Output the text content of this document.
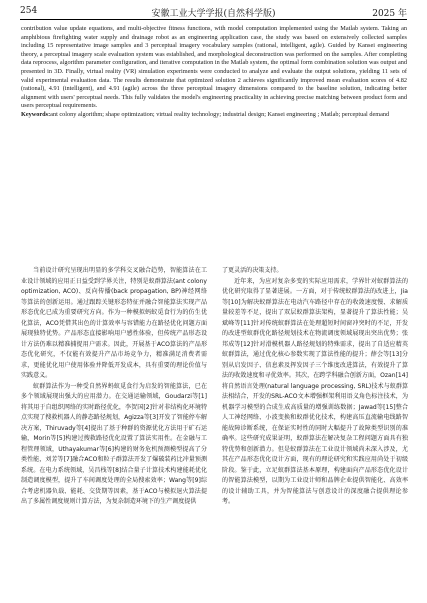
254	安徽工业大学学报(自然科学版)	2025 年

contribution value update equations, and multi-objective fitness functions, with model computation implemented using the Matlab system. Taking an amphibious firefighting water supply and drainage robot as an engineering application case, the study was based on extensively collected samples including 15 representative image samples and 3 perceptual imagery vocabulary samples (rational, intelligent, agile). Guided by Kansei engineering theory, a perceptual imagery scale evaluation system was established, and morphological deconstruction was performed on the samples. After completing data reprocess, algorithm parameter configuration, and iterative computation in the Matlab system, the optimal form combination solution was output and presented in 3D. Finally, virtual reality (VR) simulation experiments were conducted to analyze and evaluate the output solutions, yielding 11 sets of valid experimental evaluation data. The results demonstrate that optimized solution 2 achieves significantly improved mean evaluation scores of 4.82 (rational), 4.91 (intelligent), and 4.91 (agile) across the three perceptual imagery dimensions compared to the baseline solution, indicating better alignment with users' perceptual needs. This fully validates the model's engineering practicality in achieving precise matching between product form and users perceptual requirements.

Keywords:ant colony algorithm; shape optimization; virtual reality technology; industrial design; Kansei engineering ; Matlab; perceptual demand

当前设计研究呈现出明显的多学科交叉融合趋势，智能算法在工业设计领域的应用正日益受到学界关注，特别是蚁群算法(ant colony optimization, ACO)、反向传播(back propagation, BP)神经网络等算法的创新运用。通过跟踪关键形态特征并融合智能算法实现产品形态优化已成为重要研究方向。作为一种模拟蚂蚁觅食行为的仿生优化算法，ACO凭借其出色的计算效率与容错能力在路径优化问题方面展现独特优势。产品形态直接影响用户感性体验，但传统产品形态设计方法仍难以精准捕捉用户需求。因此，开展基于ACO算法的产品形态优化研究，不仅能有效提升产品市场竞争力，精准满足消费者需求，更能优化用户使用体验并降低开发成本，具有重要的理论价值与实践意义。

蚁群算法作为一种受自然界蚂蚁觅食行为启发的智能算法，已在多个领域展现出强大的应用潜力。在交通运输领域，Goudarzi等[1]将其用于自组织网络的实时路径优化，李贺国[2]针对非结构化环境特点实现了搜救机器人的静态路径规划，Agizza等[3]开发了智能停车解决方案，Thiruvady等[4]提出了基于种群的资源优化方法用于矿石运输，Morin等[5]构建过搜救路径优化设置了算法实用性。在金融与工程管理领域，Uthayakumar等[6]构建的财务危机预测模型提高了分类性能，刘芳等[7]融合ACO和粒子群算法开发了爆破装药比冲量预测系统。在电力系统领域，吴昌栈等[8]结合量子计算技术构建能耗优化制造调度模型，提升了车间调度处理的全局搜索效率；Wang等[9]综合考虑机器负载、能耗、交货期等因素，基于ACO与模拟退火算法提出了多属性调度规则计算方法，为复杂制造环境下的生产调度提供

了更灵活的决策支持。

近年来，为应对复杂多变的实际应用需求，学界针对蚁群算法的优化研究取得了显著进展。一方面，对于传统蚁群算法的改进上，Jia等[10]为解决蚁群算法在电动汽车路径中存在的收敛速度慢、求解质量较差等不足，提出了双层蚁群算法架构，显著提升了算法性能；吴斌峰等[11]针对传统蚁群算法在处理超短时间窗冲突时的不足，开发的改进型蚁群优化路径规划技术在物流调度领域展现出突出优势；张邦成等[12]针对滑模机器人路径规划的特殊需求，提出了自适应精英蚁群算法，通过优化核心参数实现了算法性能的提升；薛会等[13]分别从启发因子、信息素及挥发因子三个维度改进算法，有效提升了算法的收敛速度和寻优效率。其次，在跨学科融合创新方面，Ozan[14]将自然语言处理(natural language processing, SRL)技术与蚁群算法相结合，开发的SRL-ACO文本增强框架利用语义角色标注技术，为机器学习模型的合成生成高质量的增强训练数据；Jawad等[15]整合人工神经网络、小波变换和蚁群优化技术，构建高压直流输电线路智能故障诊断系统，在保证实时性的同时大幅提升了故障类型识别的准确率。这些研究成果证明，蚁群算法在解决复杂工程问题方面具有独特优势和创新潜力。但是蚁群算法在工业设计领域尚未深入涉及，尤其在产品形态优化设计方面，现有的理论研究和实践应用尚处于初级阶段。鉴于此，立足蚁群算法基本原理，构建面向产品形态优化设计的智能算法模型，以期为工业设计师和品牌企业提供智能化、高效率的设计辅助工具，并为智能算法与创意设计的深度融合提供理论参考。
